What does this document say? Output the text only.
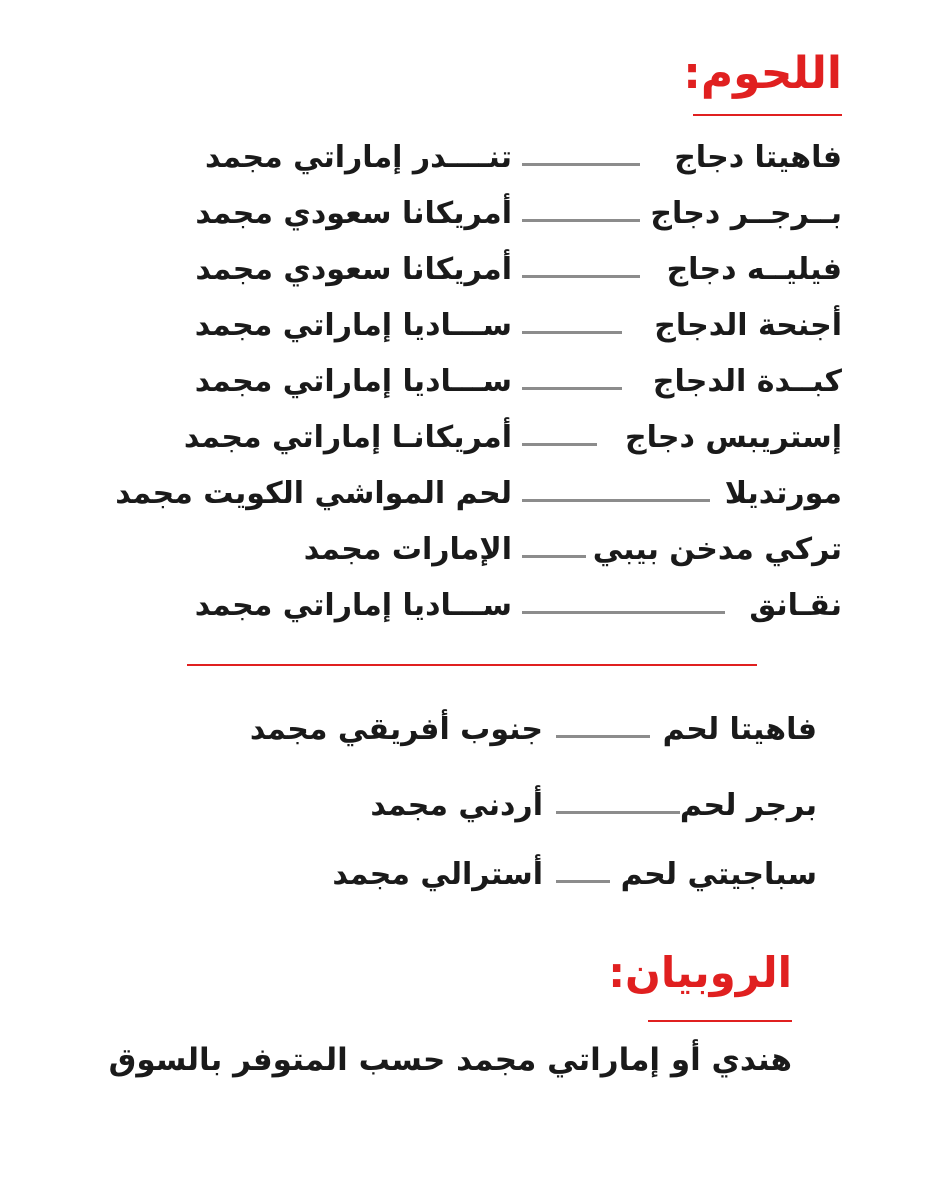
اللحوم:
فاهيتا دجاج
تنــــدر إماراتي مجمد
بــرجــر دجاج
أمريكانا سعودي مجمد
فيليــه دجاج
أمريكانا سعودي مجمد
أجنحة الدجاج
ســـاديا إماراتي مجمد
كبــدة الدجاج
ســـاديا إماراتي مجمد
إستريبس دجاج
أمريكانـا إماراتي مجمد
مورتديلا
لحم المواشي الكويت مجمد
تركي مدخن بيبي
الإمارات مجمد
نقـانق
ســـاديا إماراتي مجمد
فاهيتا لحم
جنوب أفريقي مجمد
برجر لحم
أردني مجمد
سباجيتي لحم
أسترالي مجمد
الروبيان:
هندي أو إماراتي مجمد حسب المتوفر بالسوق
